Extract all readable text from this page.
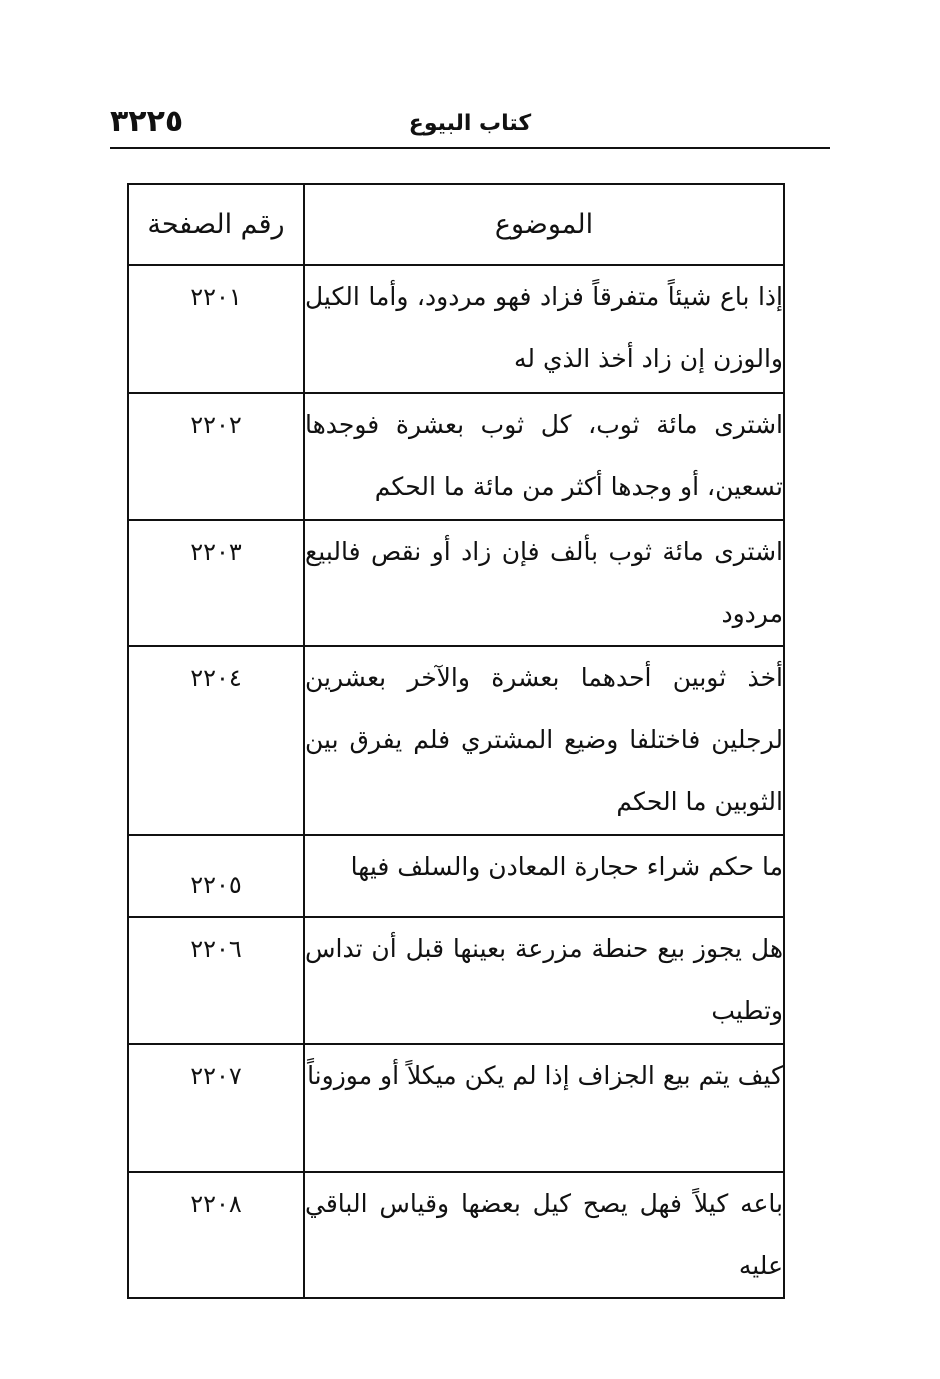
٣٢٢٥	كتاب البيوع
الموضوع	رقم الصفحة
إذا باع شيئاً متفرقاً فزاد فهو مردود، وأما الكيل والوزن إن زاد أخذ الذي له	٢٢٠١
اشترى مائة ثوب، كل ثوب بعشرة فوجدها تسعين، أو وجدها أكثر من مائة ما الحكم	٢٢٠٢
اشترى مائة ثوب بألف فإن زاد أو نقص فالبيع مردود	٢٢٠٣
أخذ ثوبين أحدهما بعشرة والآخر بعشرين لرجلين فاختلفا وضيع المشتري فلم يفرق بين الثوبين ما الحكم	٢٢٠٤
ما حكم شراء حجارة المعادن والسلف فيها	٢٢٠٥
هل يجوز بيع حنطة مزرعة بعينها قبل أن تداس وتطيب	٢٢٠٦
كيف يتم بيع الجزاف إذا لم يكن ميكلاً أو موزوناً	٢٢٠٧
باعه كيلاً فهل يصح كيل بعضها وقياس الباقي عليه	٢٢٠٨
